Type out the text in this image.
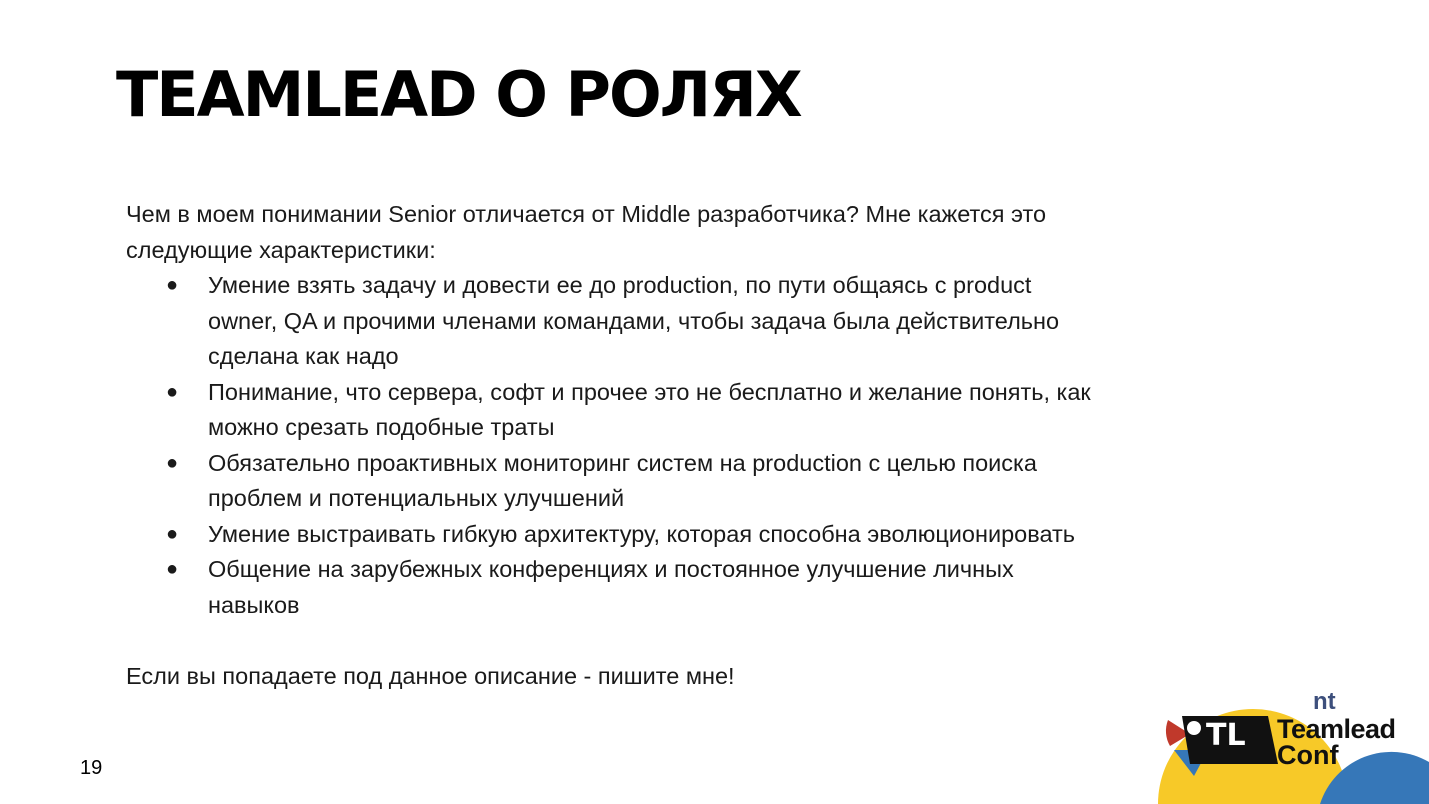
TEAMLEAD О РОЛЯХ

Чем в моем понимании Senior отличается от Middle разработчика? Мне кажется это
следующие характеристики:

● Умение взять задачу и довести ее до production, по пути общаясь с product
owner, QA и прочими членами командами, чтобы задача была действительно
сделана как надо
● Понимание, что сервера, софт и прочее это не бесплатно и желание понять, как
можно срезать подобные траты
● Обязательно проактивных мониторинг систем на production с целью поиска
проблем и потенциальных улучшений
● Умение выстраивать гибкую архитектуру, которая способна эволюционировать
● Общение на зарубежных конференциях и постоянное улучшение личных
навыков

Если вы попадаете под данное описание - пишите мне!

19
TL
nt
Teamlead
Conf
